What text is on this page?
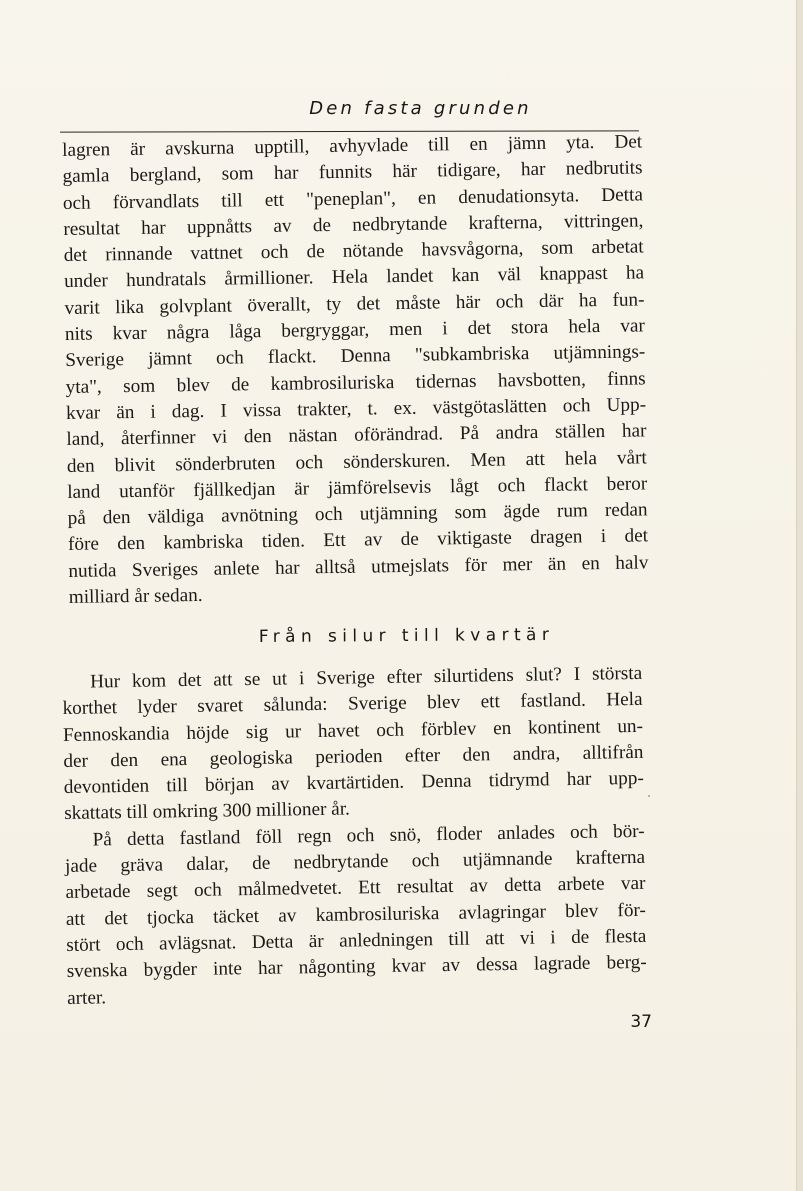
Den fasta grunden
lagren är avskurna upptill, avhyvlade till en jämn yta. Det
gamla bergland, som har funnits här tidigare, har nedbrutits
och förvandlats till ett "peneplan", en denudationsyta. Detta
resultat har uppnåtts av de nedbrytande krafterna, vittringen,
det rinnande vattnet och de nötande havsvågorna, som arbetat
under hundratals årmillioner. Hela landet kan väl knappast ha
varit lika golvplant överallt, ty det måste här och där ha fun-
nits kvar några låga bergryggar, men i det stora hela var
Sverige jämnt och flackt. Denna "subkambriska utjämnings-
yta", som blev de kambrosiluriska tidernas havsbotten, finns
kvar än i dag. I vissa trakter, t. ex. västgötaslätten och Upp-
land, återfinner vi den nästan oförändrad. På andra ställen har
den blivit sönderbruten och sönderskuren. Men att hela vårt
land utanför fjällkedjan är jämförelsevis lågt och flackt beror
på den väldiga avnötning och utjämning som ägde rum redan
före den kambriska tiden. Ett av de viktigaste dragen i det
nutida Sveriges anlete har alltså utmejslats för mer än en halv
milliard år sedan.
Från silur till kvartär
Hur kom det att se ut i Sverige efter silurtidens slut? I största
korthet lyder svaret sålunda: Sverige blev ett fastland. Hela
Fennoskandia höjde sig ur havet och förblev en kontinent un-
der den ena geologiska perioden efter den andra, alltifrån
devontiden till början av kvartärtiden. Denna tidrymd har upp-
skattats till omkring 300 millioner år.
På detta fastland föll regn och snö, floder anlades och bör-
jade gräva dalar, de nedbrytande och utjämnande krafterna
arbetade segt och målmedvetet. Ett resultat av detta arbete var
att det tjocka täcket av kambrosiluriska avlagringar blev för-
stört och avlägsnat. Detta är anledningen till att vi i de flesta
svenska bygder inte har någonting kvar av dessa lagrade berg-
arter.
37
